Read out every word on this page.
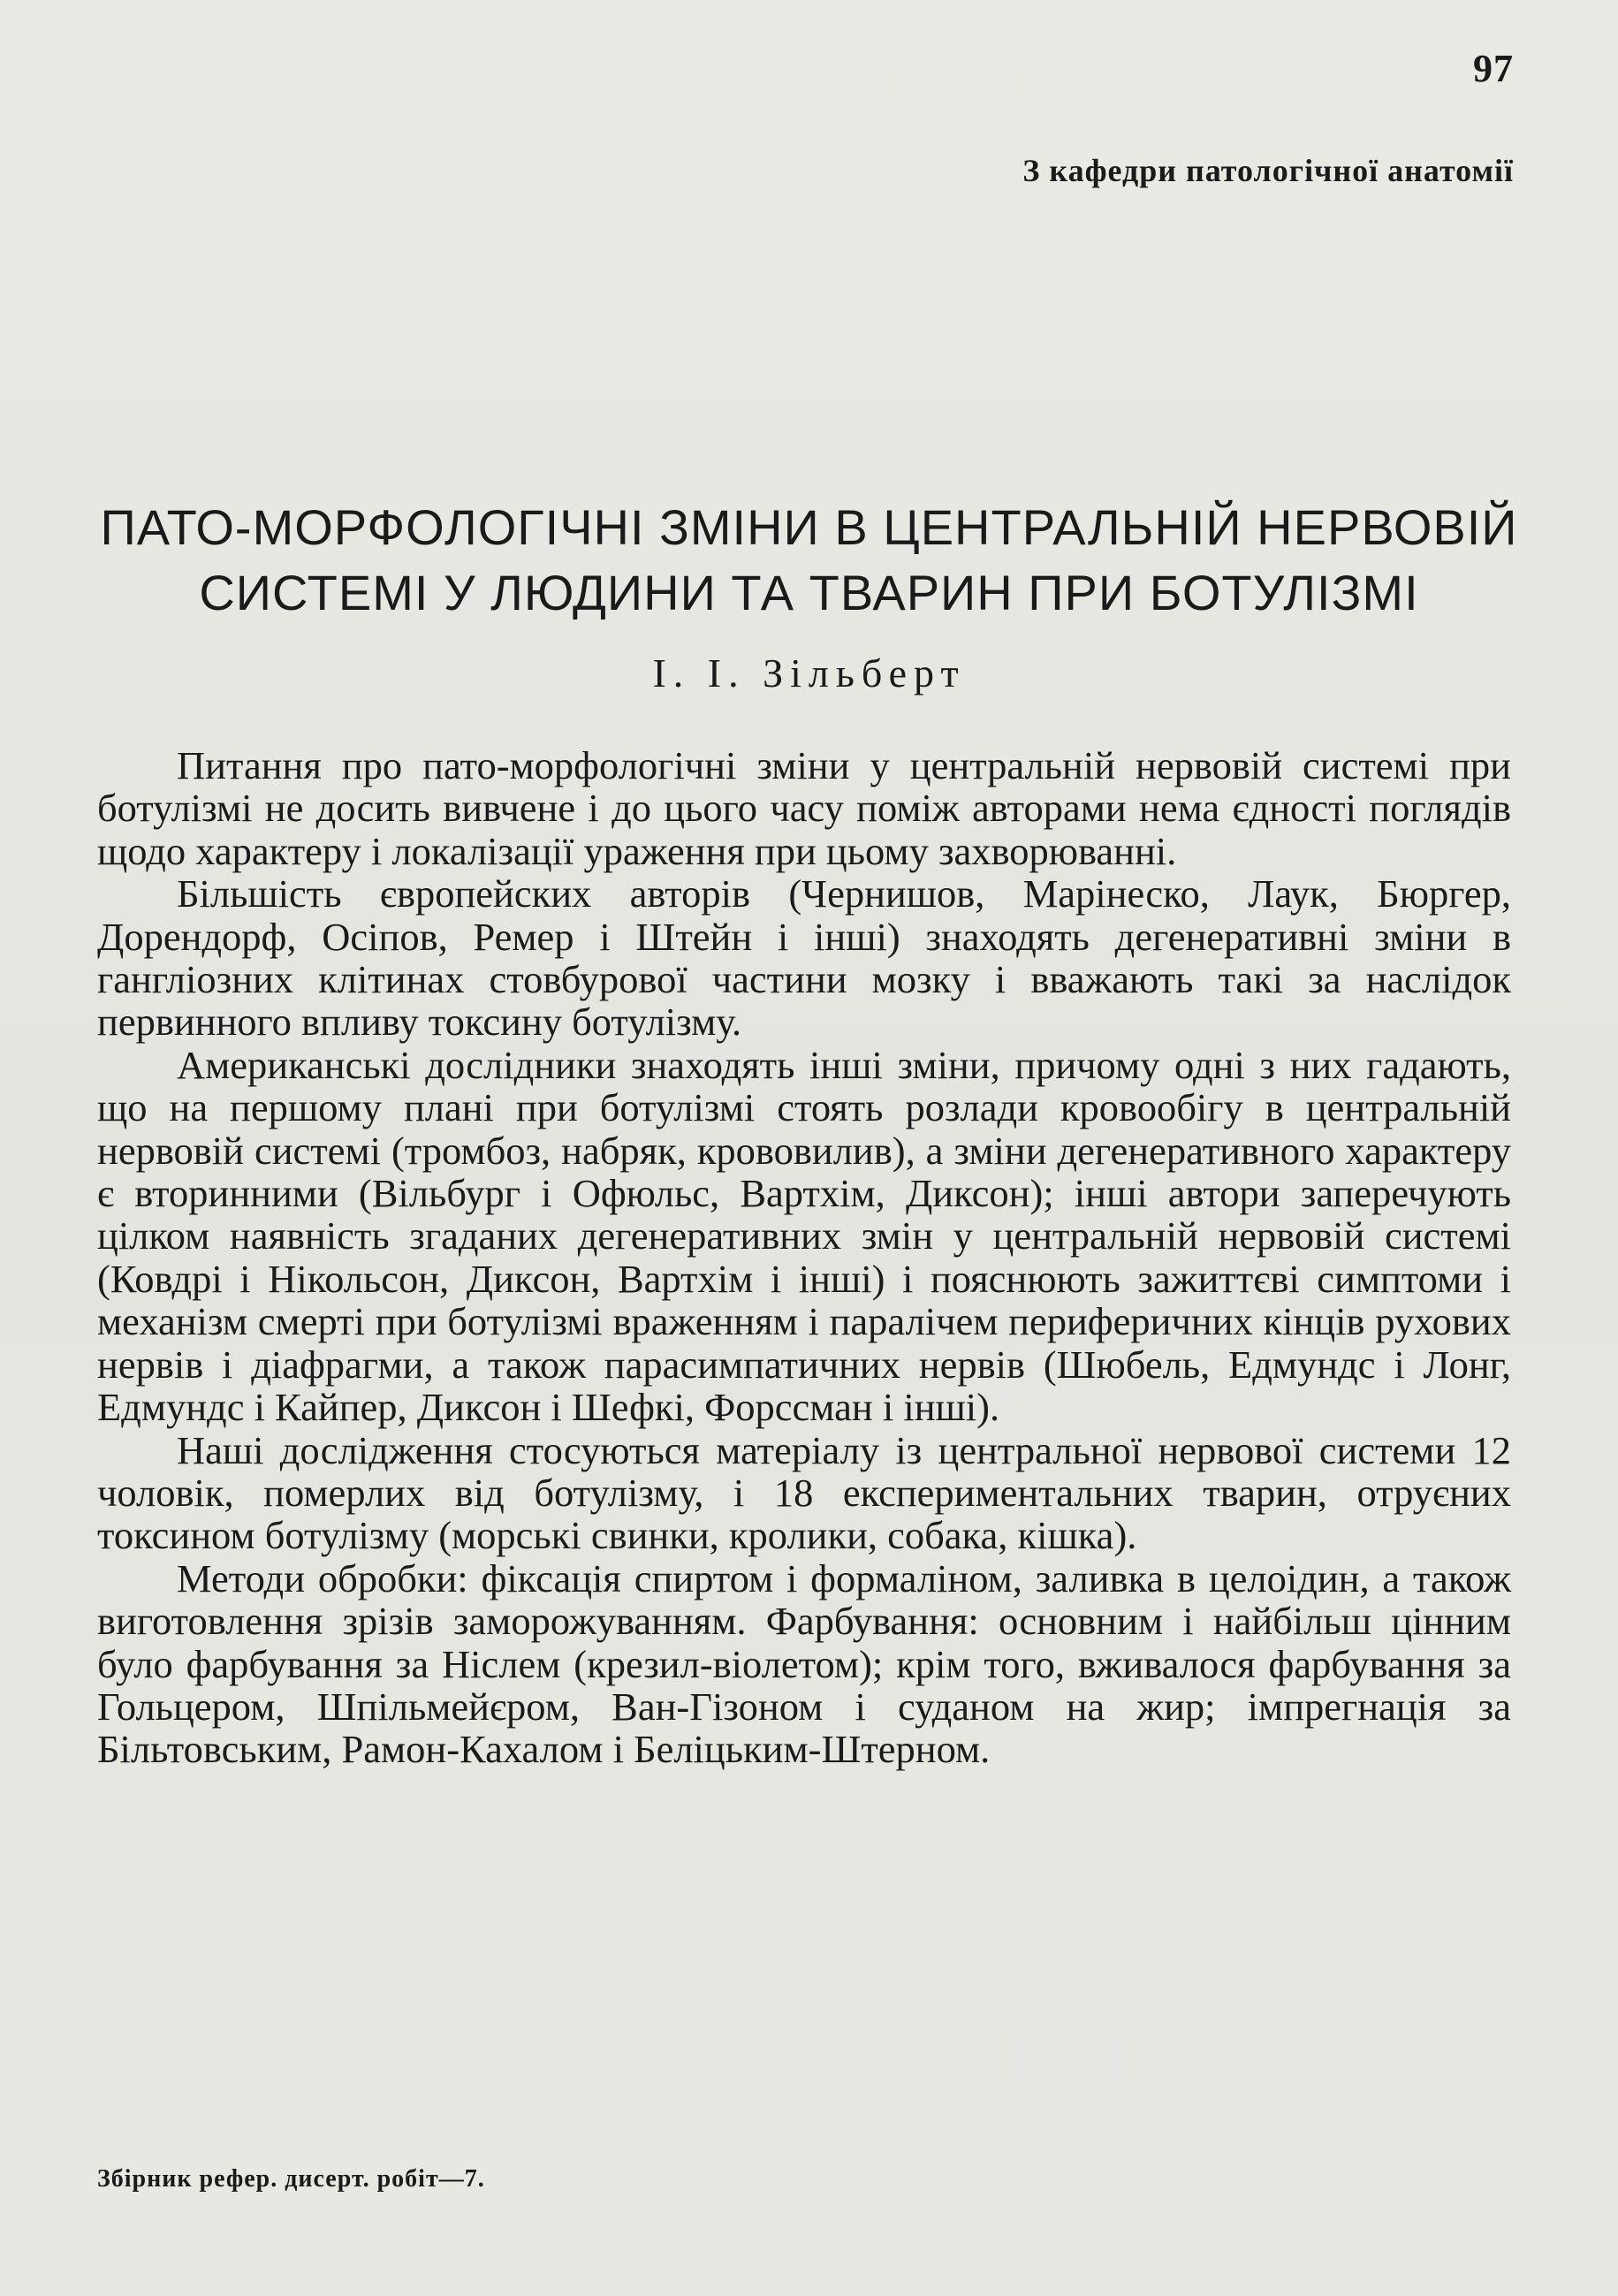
97
З кафедри патологічної анатомії
ПАТО-МОРФОЛОГІЧНІ ЗМІНИ В ЦЕНТРАЛЬНІЙ НЕРВОВІЙ
СИСТЕМІ У ЛЮДИНИ ТА ТВАРИН ПРИ БОТУЛІЗМІ
І. І. Зільберт

Питання про пато-морфологічні зміни у центральній нервовій системі при ботулізмі не досить вивчене і до цього часу поміж авторами нема єдності поглядів щодо характеру і локалізації ураження при цьому захворюванні.

Більшість європейских авторів (Чернишов, Марінеско, Лаук, Бюргер, Дорендорф, Осіпов, Ремер і Штейн і інші) знаходять дегенеративні зміни в гангліозних клітинах стовбурової частини мозку і вважають такі за наслідок первинного впливу токсину ботулізму.

Американські дослідники знаходять інші зміни, причому одні з них гадають, що на першому плані при ботулізмі стоять розлади кровообігу в центральній нервовій системі (тромбоз, набряк, крововилив), а зміни дегенеративного характеру є вторинними (Вільбург і Офюльс, Вартхім, Диксон); інші автори заперечують цілком наявність згаданих дегенеративних змін у центральній нервовій системі (Ковдрі і Нікольсон, Диксон, Вартхім і інші) і пояснюють зажиттєві симптоми і механізм смерті при ботулізмі враженням і паралічем периферичних кінців рухових нервів і діафрагми, а також парасимпатичних нервів (Шюбель, Едмундс і Лонг, Едмундс і Кайпер, Диксон і Шефкі, Форссман і інші).

Наші дослідження стосуються матеріалу із центральної нервової системи 12 чоловік, померлих від ботулізму, і 18 експериментальних тварин, отруєних токсином ботулізму (морські свинки, кролики, собака, кішка).

Методи обробки: фіксація спиртом і формаліном, заливка в целоідин, а також виготовлення зрізів заморожуванням. Фарбування: основним і найбільш цінним було фарбування за Ніслем (крезил-віолетом); крім того, вживалося фарбування за Гольцером, Шпільмейєром, Ван-Гізоном і суданом на жир; імпрегнація за Більтовським, Рамон-Кахалом і Беліцьким-Штерном.

Збірник рефер. дисерт. робіт—7.
